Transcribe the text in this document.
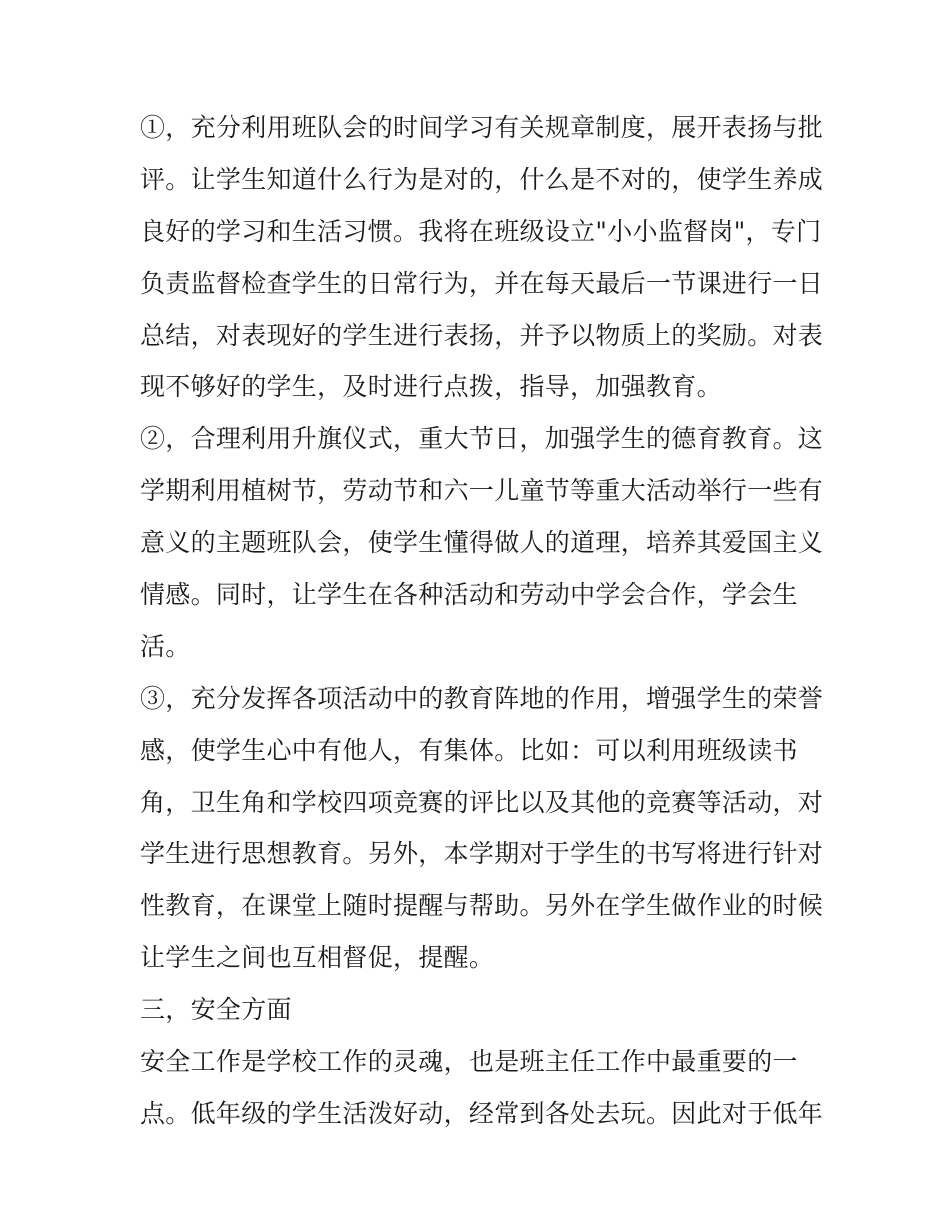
①，充分利用班队会的时间学习有关规章制度，展开表扬与批
评。让学生知道什么行为是对的，什么是不对的，使学生养成
良好的学习和生活习惯。我将在班级设立"小小监督岗"，专门
负责监督检查学生的日常行为，并在每天最后一节课进行一日
总结，对表现好的学生进行表扬，并予以物质上的奖励。对表
现不够好的学生，及时进行点拨，指导，加强教育。
②，合理利用升旗仪式，重大节日，加强学生的德育教育。这
学期利用植树节，劳动节和六一儿童节等重大活动举行一些有
意义的主题班队会，使学生懂得做人的道理，培养其爱国主义
情感。同时，让学生在各种活动和劳动中学会合作，学会生
活。
③，充分发挥各项活动中的教育阵地的作用，增强学生的荣誉
感，使学生心中有他人，有集体。比如：可以利用班级读书
角，卫生角和学校四项竞赛的评比以及其他的竞赛等活动，对
学生进行思想教育。另外，本学期对于学生的书写将进行针对
性教育，在课堂上随时提醒与帮助。另外在学生做作业的时候
让学生之间也互相督促，提醒。
三，安全方面
安全工作是学校工作的灵魂，也是班主任工作中最重要的一
点。低年级的学生活泼好动，经常到各处去玩。因此对于低年
